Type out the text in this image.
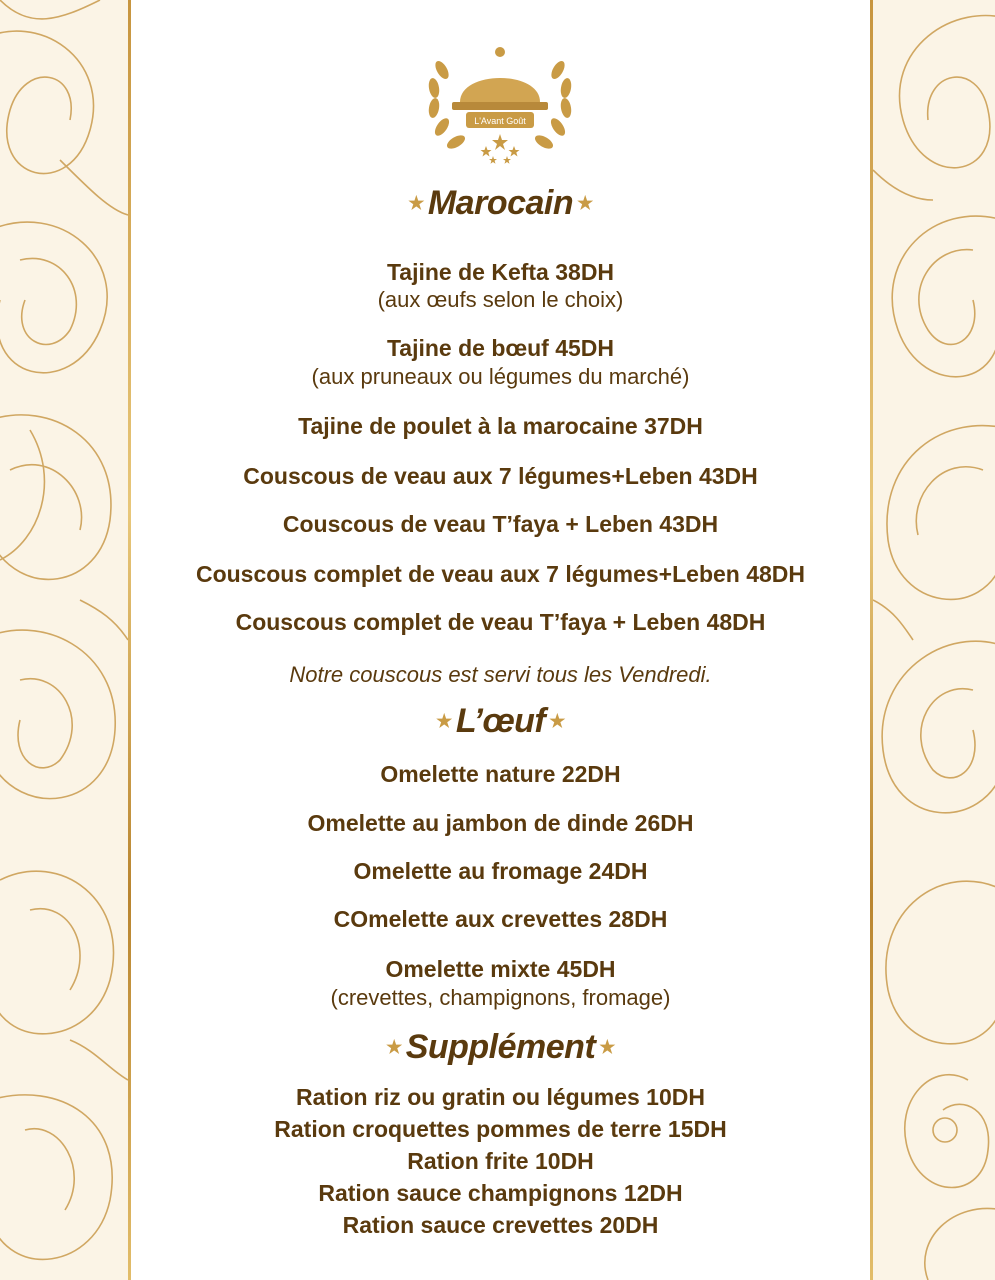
L'Avant Goût
★ Marocain ★
Tajine de Kefta 38DH
(aux œufs selon le choix)
Tajine de bœuf 45DH
(aux pruneaux ou légumes du marché)
Tajine de poulet à la marocaine 37DH
Couscous de veau aux 7 légumes+Leben 43DH
Couscous de veau T’faya + Leben 43DH
Couscous complet de veau aux 7 légumes+Leben 48DH
Couscous complet de veau T’faya + Leben 48DH
Notre couscous est servi tous les Vendredi.
★ L’œuf ★
Omelette nature 22DH
Omelette au jambon de dinde 26DH
Omelette au fromage 24DH
COmelette aux crevettes 28DH
Omelette mixte 45DH
(crevettes, champignons, fromage)
★ Supplément ★
Ration riz ou gratin ou légumes 10DH
Ration croquettes pommes de terre 15DH
Ration frite 10DH
Ration sauce champignons 12DH
Ration sauce crevettes 20DH
